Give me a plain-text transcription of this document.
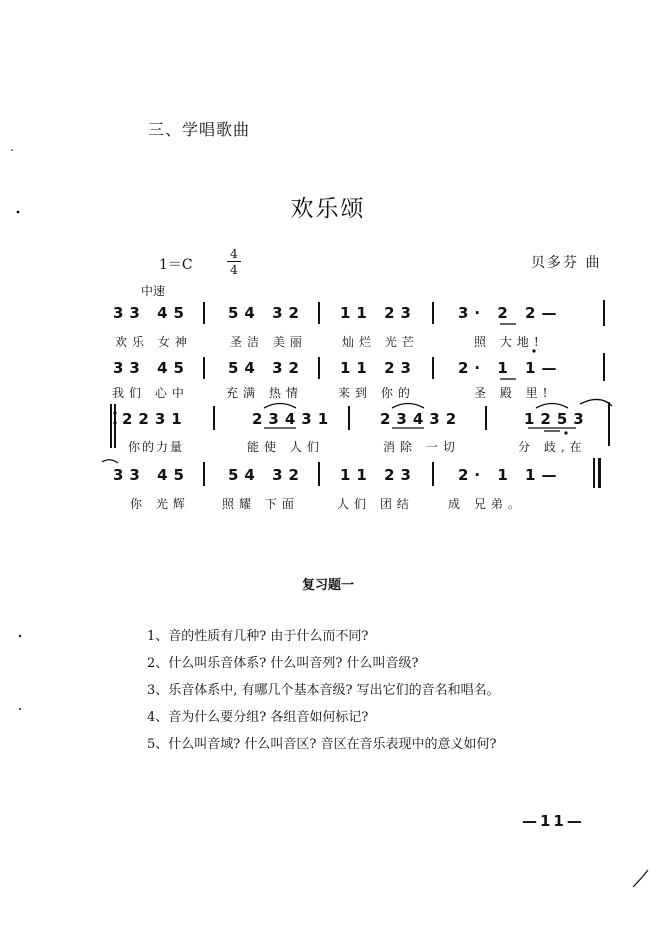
三、学唱歌曲
欢乐颂
1＝C	$\frac{4}{4}$	贝多芬 曲
中速
33 45	54 32 11 23	3· 2 2—
欢乐 女神	圣洁 美丽	灿烂 光芒	照 大地!
33 45	54 32 11 23	2· 1 1—
我们 心中	充满 热情	来到 你的	圣 殿 里!
2231	23431	23432	1253
你的力量	能使 人们	消除 一切	分 歧,在
33 45	54 32 11 23	2· 1 1—
你 光辉	照耀 下面	人们 团结	成 兄弟。
复习题一
1、音的性质有几种? 由于什么而不同?
2、什么叫乐音体系? 什么叫音列? 什么叫音级?
3、乐音体系中, 有哪几个基本音级? 写出它们的音名和唱名。
4、音为什么要分组? 各组音如何标记?
5、什么叫音域? 什么叫音区? 音区在音乐表现中的意义如何?
—11—
